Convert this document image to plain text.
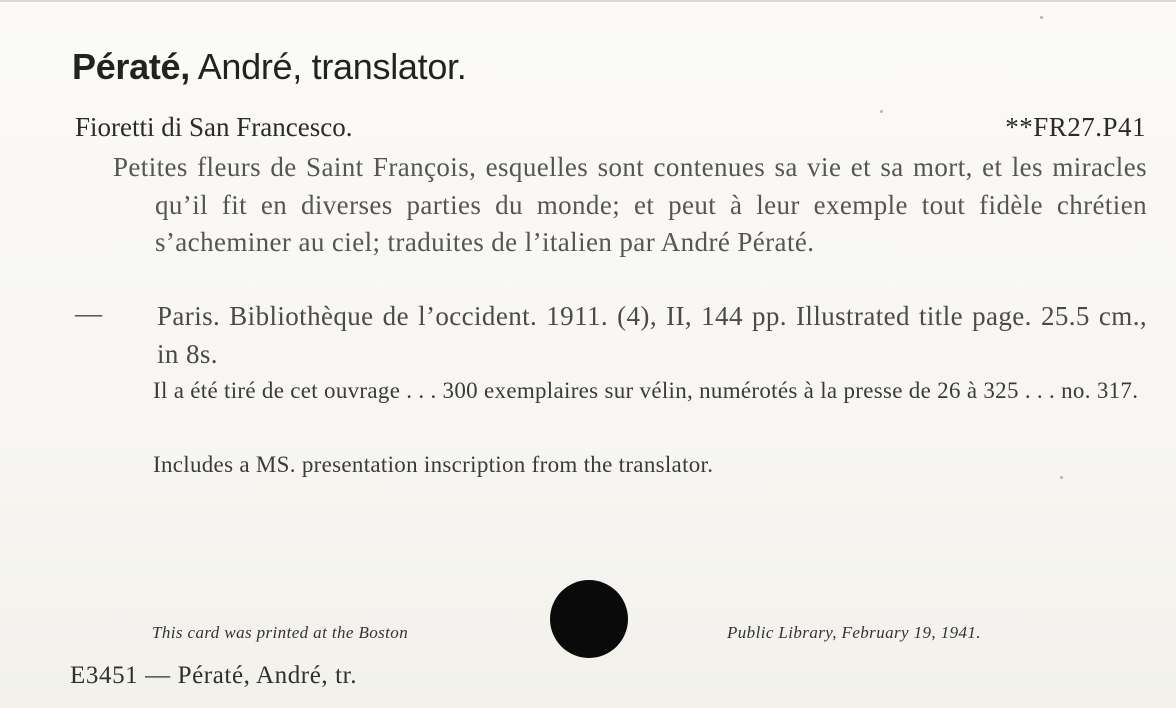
Pératé, André, translator.
Fioretti di San Francesco.	**FR27.P41
Petites fleurs de Saint François, esquelles sont contenues sa vie et sa mort, et les miracles qu’il fit en diverses parties du monde; et peut à leur exemple tout fidèle chrétien s’acheminer au ciel; traduites de l’italien par André Pératé.
— Paris. Bibliothèque de l’occident. 1911. (4), II, 144 pp. Illustrated title page. 25.5 cm., in 8s.
Il a été tiré de cet ouvrage . . . 300 exemplaires sur vélin, numérotés à la presse de 26 à 325 . . . no. 317.
Includes a MS. presentation inscription from the translator.
This card was printed at the Boston	Public Library, February 19, 1941.
E3451 — Pératé, André, tr.
